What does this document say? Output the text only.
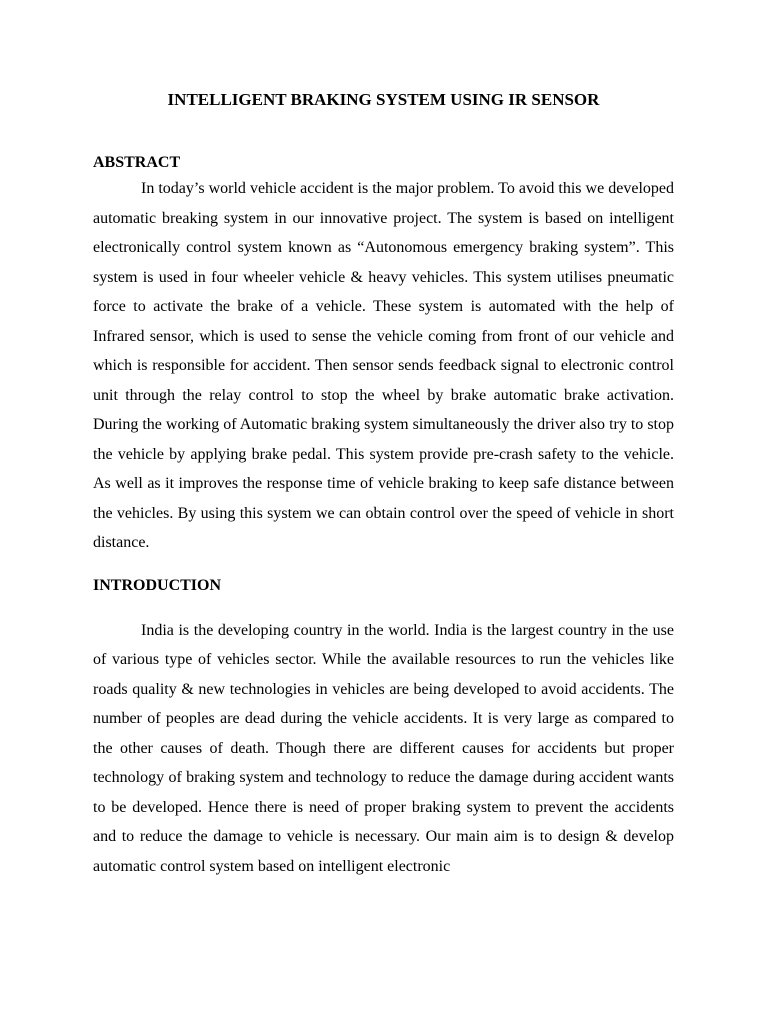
INTELLIGENT BRAKING SYSTEM USING IR SENSOR
ABSTRACT

In today’s world vehicle accident is the major problem. To avoid this we developed automatic breaking system in our innovative project. The system is based on intelligent electronically control system known as “Autonomous emergency braking system”. This system is used in four wheeler vehicle & heavy vehicles. This system utilises pneumatic force to activate the brake of a vehicle. These system is automated with the help of Infrared sensor, which is used to sense the vehicle coming from front of our vehicle and which is responsible for accident. Then sensor sends feedback signal to electronic control unit through the relay control to stop the wheel by brake automatic brake activation. During the working of Automatic braking system simultaneously the driver also try to stop the vehicle by applying brake pedal. This system provide pre-crash safety to the vehicle. As well as it improves the response time of vehicle braking to keep safe distance between the vehicles. By using this system we can obtain control over the speed of vehicle in short distance.

INTRODUCTION

India is the developing country in the world. India is the largest country in the use of various type of vehicles sector. While the available resources to run the vehicles like roads quality & new technologies in vehicles are being developed to avoid accidents. The number of peoples are dead during the vehicle accidents. It is very large as compared to the other causes of death. Though there are different causes for accidents but proper technology of braking system and technology to reduce the damage during accident wants to be developed. Hence there is need of proper braking system to prevent the accidents and to reduce the damage to vehicle is necessary. Our main aim is to design & develop automatic control system based on intelligent electronic
